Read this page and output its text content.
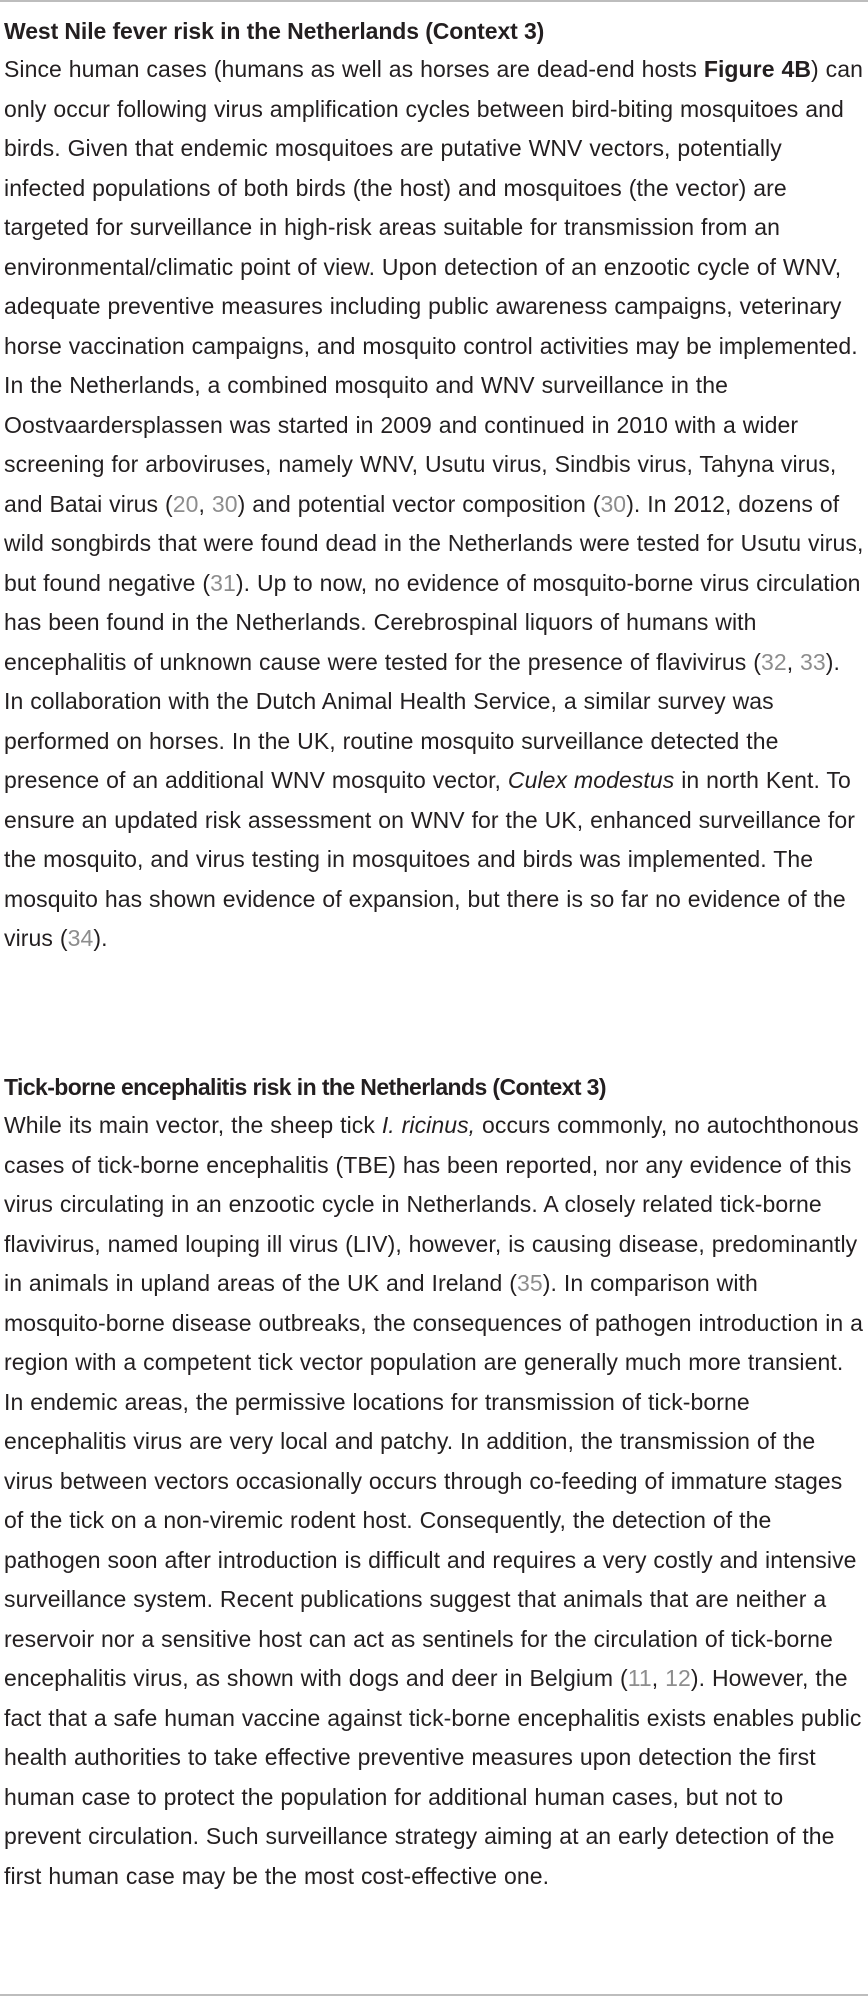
West Nile fever risk in the Netherlands (Context 3)

Since human cases (humans as well as horses are dead-end hosts Figure 4B) can only occur following virus amplification cycles between bird-biting mosquitoes and birds. Given that endemic mosquitoes are putative WNV vectors, potentially infected populations of both birds (the host) and mosquitoes (the vector) are targeted for surveillance in high-risk areas suitable for transmission from an environmental/climatic point of view. Upon detection of an enzootic cycle of WNV, adequate preventive measures including public awareness campaigns, veterinary horse vaccination campaigns, and mosquito control activities may be implemented. In the Netherlands, a combined mosquito and WNV surveillance in the Oostvaardersplassen was started in 2009 and continued in 2010 with a wider screening for arboviruses, namely WNV, Usutu virus, Sindbis virus, Tahyna virus, and Batai virus (20, 30) and potential vector composition (30). In 2012, dozens of wild songbirds that were found dead in the Netherlands were tested for Usutu virus, but found negative (31). Up to now, no evidence of mosquito-borne virus circulation has been found in the Netherlands. Cerebrospinal liquors of humans with encephalitis of unknown cause were tested for the presence of flavivirus (32, 33). In collaboration with the Dutch Animal Health Service, a similar survey was performed on horses. In the UK, routine mosquito surveillance detected the presence of an additional WNV mosquito vector, Culex modestus in north Kent. To ensure an updated risk assessment on WNV for the UK, enhanced surveillance for the mosquito, and virus testing in mosquitoes and birds was implemented. The mosquito has shown evidence of expansion, but there is so far no evidence of the virus (34).

Tick-borne encephalitis risk in the Netherlands (Context 3)

While its main vector, the sheep tick I. ricinus, occurs commonly, no autochthonous cases of tick-borne encephalitis (TBE) has been reported, nor any evidence of this virus circulating in an enzootic cycle in Netherlands. A closely related tick-borne flavivirus, named louping ill virus (LIV), however, is causing disease, predominantly in animals in upland areas of the UK and Ireland (35). In comparison with mosquito-borne disease outbreaks, the consequences of pathogen introduction in a region with a competent tick vector population are generally much more transient. In endemic areas, the permissive locations for transmission of tick-borne encephalitis virus are very local and patchy. In addition, the transmission of the virus between vectors occasionally occurs through co-feeding of immature stages of the tick on a non-viremic rodent host. Consequently, the detection of the pathogen soon after introduction is difficult and requires a very costly and intensive surveillance system. Recent publications suggest that animals that are neither a reservoir nor a sensitive host can act as sentinels for the circulation of tick-borne encephalitis virus, as shown with dogs and deer in Belgium (11, 12). However, the fact that a safe human vaccine against tick-borne encephalitis exists enables public health authorities to take effective preventive measures upon detection the first human case to protect the population for additional human cases, but not to prevent circulation. Such surveillance strategy aiming at an early detection of the first human case may be the most cost-effective one.
